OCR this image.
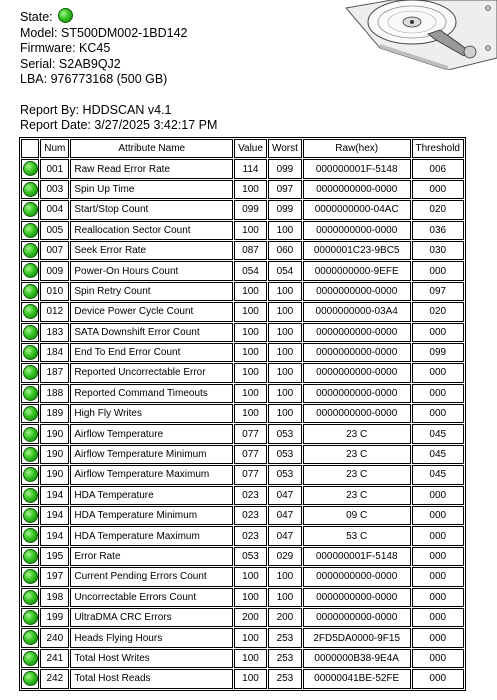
State:
Model: ST500DM002-1BD142
Firmware: KC45
Serial: S2AB9QJ2
LBA: 976773168 (500 GB)
Report By: HDDSCAN v4.1
Report Date: 3/27/2025 3:42:17 PM
	Num	Attribute Name	Value	Worst	Raw(hex)	Threshold
	001	Raw Read Error Rate	114	099	000000001F-5148	006
	003	Spin Up Time	100	097	0000000000-0000	000
	004	Start/Stop Count	099	099	0000000000-04AC	020
	005	Reallocation Sector Count	100	100	0000000000-0000	036
	007	Seek Error Rate	087	060	0000001C23-9BC5	030
	009	Power-On Hours Count	054	054	0000000000-9EFE	000
	010	Spin Retry Count	100	100	0000000000-0000	097
	012	Device Power Cycle Count	100	100	0000000000-03A4	020
	183	SATA Downshift Error Count	100	100	0000000000-0000	000
	184	End To End Error Count	100	100	0000000000-0000	099
	187	Reported Uncorrectable Error	100	100	0000000000-0000	000
	188	Reported Command Timeouts	100	100	0000000000-0000	000
	189	High Fly Writes	100	100	0000000000-0000	000
	190	Airflow Temperature	077	053	23 C	045
	190	Airflow Temperature Minimum	077	053	23 C	045
	190	Airflow Temperature Maximum	077	053	23 C	045
	194	HDA Temperature	023	047	23 C	000
	194	HDA Temperature Minimum	023	047	09 C	000
	194	HDA Temperature Maximum	023	047	53 C	000
	195	Error Rate	053	029	000000001F-5148	000
	197	Current Pending Errors Count	100	100	0000000000-0000	000
	198	Uncorrectable Errors Count	100	100	0000000000-0000	000
	199	UltraDMA CRC Errors	200	200	0000000000-0000	000
	240	Heads Flying Hours	100	253	2FD5DA0000-9F15	000
	241	Total Host Writes	100	253	0000000B38-9E4A	000
	242	Total Host Reads	100	253	00000041BE-52FE	000
